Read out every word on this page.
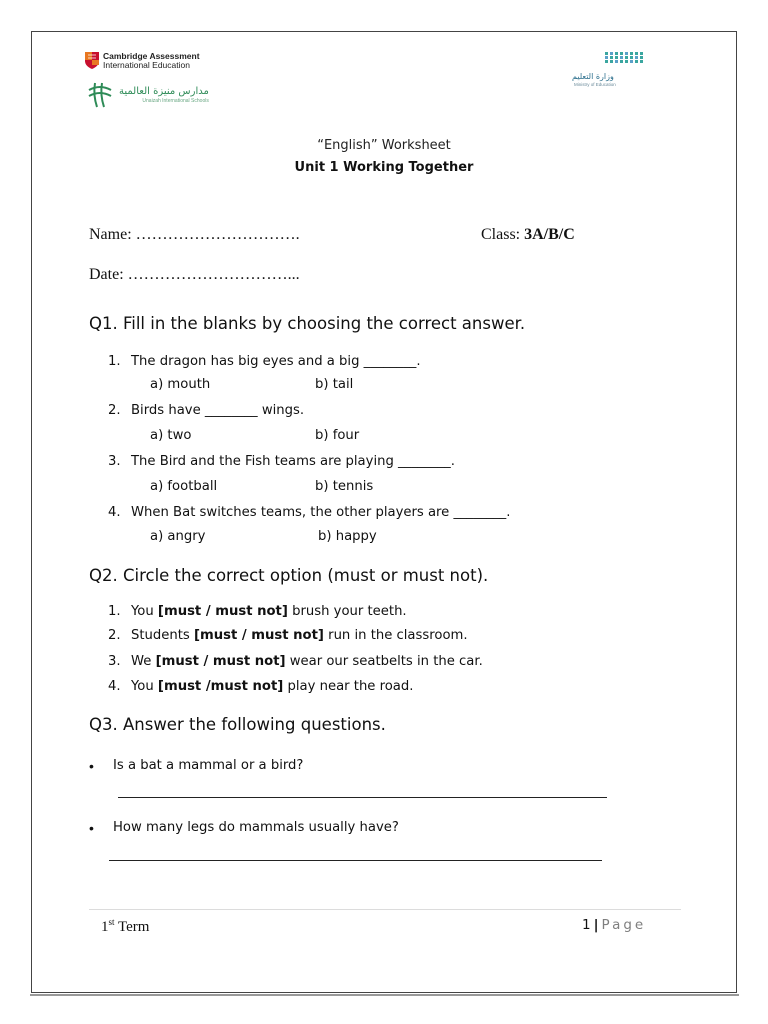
Cambridge Assessment
International Education
مدارس منيزة العالمية
Unaizah International Schools
وزارة التعليم
Ministry of Education
“English” Worksheet
Unit 1 Working Together
Name: ………………………….	Class: 3A/B/C
Date: …………………………...
Q1. Fill in the blanks by choosing the correct answer.
1. The dragon has big eyes and a big ________.
a) mouth	b) tail
2. Birds have ________ wings.
a) two	b) four
3. The Bird and the Fish teams are playing ________.
a) football	b) tennis
4. When Bat switches teams, the other players are ________.
a) angry	b) happy
Q2. Circle the correct option (must or must not).
1. You [must / must not] brush your teeth.
2. Students [must / must not] run in the classroom.
3. We [must / must not] wear our seatbelts in the car.
4. You [must /must not] play near the road.
Q3. Answer the following questions.
• Is a bat a mammal or a bird?
• How many legs do mammals usually have?
1st Term	1 | Page
